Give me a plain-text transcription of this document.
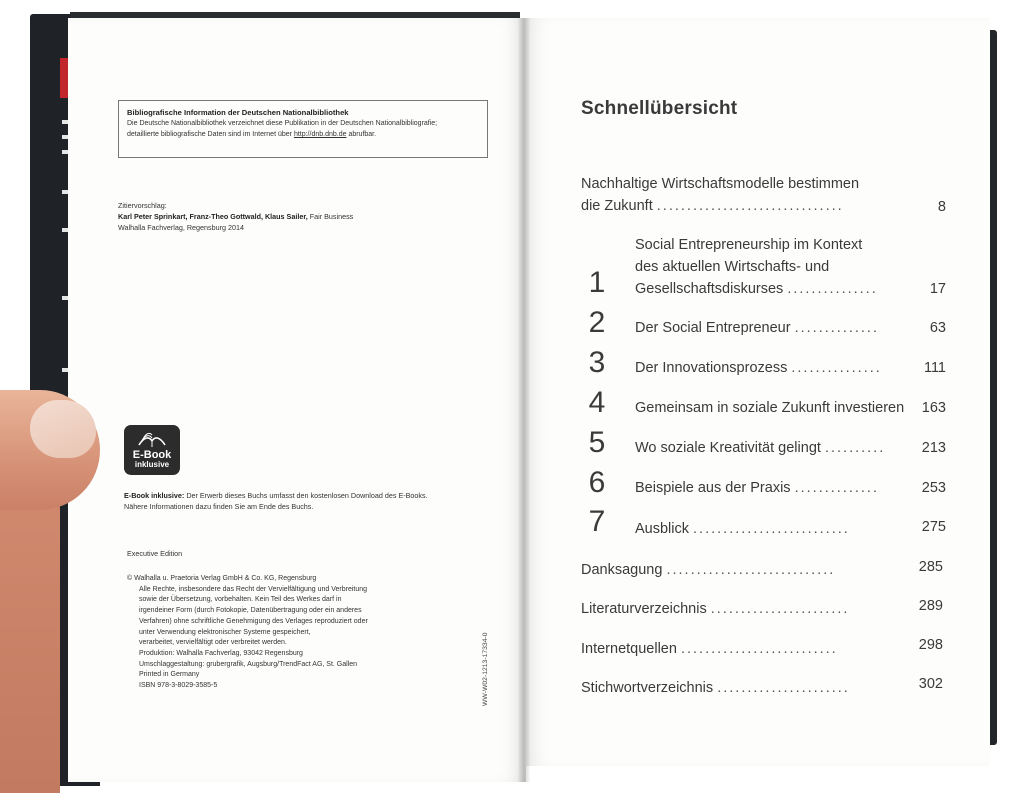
Bibliografische Information der Deutschen Nationalbibliothek
Die Deutsche Nationalbibliothek verzeichnet diese Publikation in der Deutschen Nationalbibliografie;
detaillierte bibliografische Daten sind im Internet über http://dnb.dnb.de abrufbar.
Zitiervorschlag:
Karl Peter Sprinkart, Franz-Theo Gottwald, Klaus Sailer, Fair Business
Walhalla Fachverlag, Regensburg 2014
E-Book
inklusive
E-Book inklusive: Der Erwerb dieses Buchs umfasst den kostenlosen Download des E-Books.
Nähere Informationen dazu finden Sie am Ende des Buchs.
Executive Edition
© Walhalla u. Praetoria Verlag GmbH & Co. KG, Regensburg
Alle Rechte, insbesondere das Recht der Vervielfältigung und Verbreitung
sowie der Übersetzung, vorbehalten. Kein Teil des Werkes darf in
irgendeiner Form (durch Fotokopie, Datenübertragung oder ein anderes
Verfahren) ohne schriftliche Genehmigung des Verlages reproduziert oder
unter Verwendung elektronischer Systeme gespeichert,
verarbeitet, vervielfältigt oder verbreitet werden.
Produktion: Walhalla Fachverlag, 93042 Regensburg
Umschlaggestaltung: grubergrafik, Augsburg/TrendFact AG, St. Gallen
Printed in Germany
ISBN 978-3-8029-3585-5	WW-W02-1213-17334-0
Schnellübersicht
Nachhaltige Wirtschaftsmodelle bestimmen
die Zukunft ...............................	8
1
Social Entrepreneurship im Kontext
des aktuellen Wirtschafts- und
Gesellschaftsdiskurses ...............	17
2	Der Social Entrepreneur ..............	63
3	Der Innovationsprozess ...............	111
4	Gemeinsam in soziale Zukunft investieren	163
5	Wo soziale Kreativität gelingt ..........	213
6	Beispiele aus der Praxis ..............	253
7	Ausblick ..........................	275
Danksagung ............................	285
Literaturverzeichnis .......................	289
Internetquellen ..........................	298
Stichwortverzeichnis ......................	302
